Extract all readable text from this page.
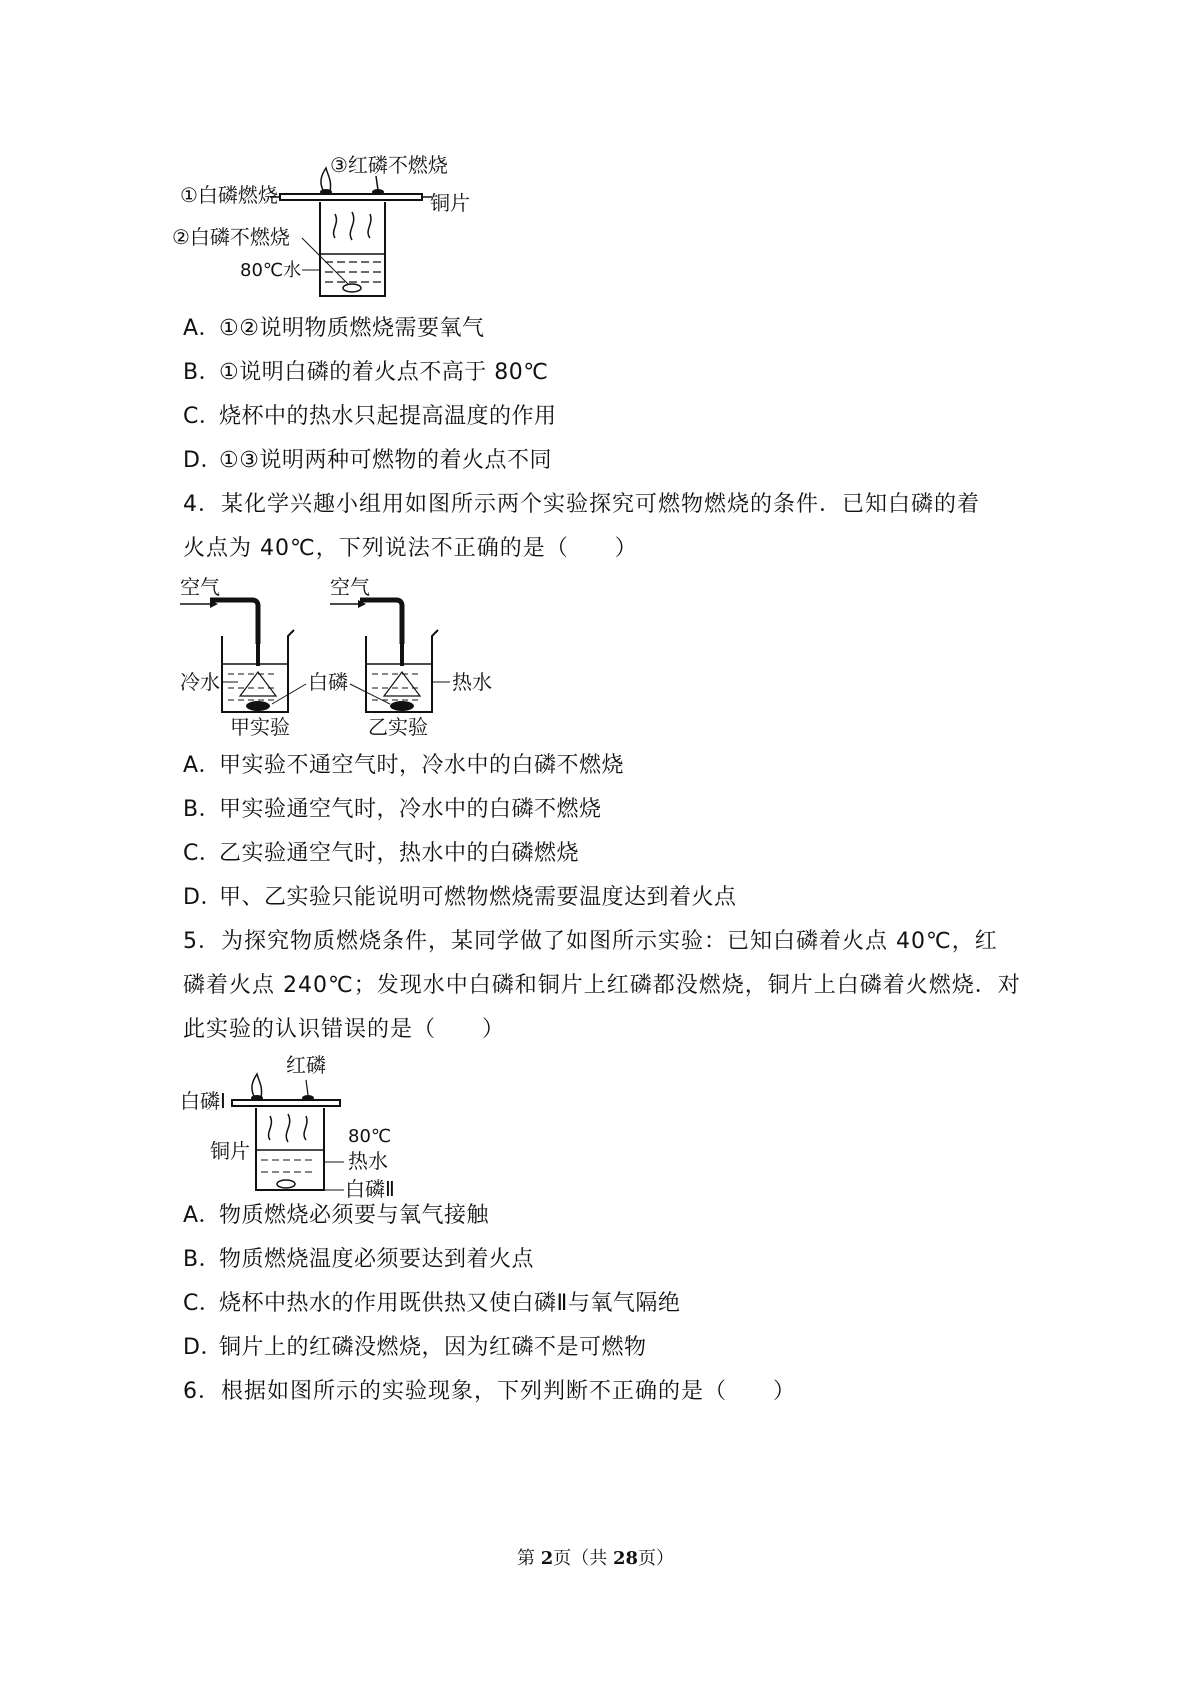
③红磷不燃烧
①白磷燃烧	铜片
②白磷不燃烧
80℃水
A．①②说明物质燃烧需要氧气
B．①说明白磷的着火点不高于 80℃
C．烧杯中的热水只起提高温度的作用
D．①③说明两种可燃物的着火点不同
4．某化学兴趣小组用如图所示两个实验探究可燃物燃烧的条件．已知白磷的着
火点为 40℃，下列说法不正确的是（　　）
空气	空气
冷水	白磷	热水
甲实验	乙实验
A．甲实验不通空气时，冷水中的白磷不燃烧
B．甲实验通空气时，冷水中的白磷不燃烧
C．乙实验通空气时，热水中的白磷燃烧
D．甲、乙实验只能说明可燃物燃烧需要温度达到着火点
5．为探究物质燃烧条件，某同学做了如图所示实验：已知白磷着火点 40℃，红
磷着火点 240℃；发现水中白磷和铜片上红磷都没燃烧，铜片上白磷着火燃烧．对
此实验的认识错误的是（　　）
红磷
白磷Ⅰ
铜片
80℃
热水
白磷Ⅱ
A．物质燃烧必须要与氧气接触
B．物质燃烧温度必须要达到着火点
C．烧杯中热水的作用既供热又使白磷Ⅱ与氧气隔绝
D．铜片上的红磷没燃烧，因为红磷不是可燃物
6．根据如图所示的实验现象，下列判断不正确的是（　　）
第 2页（共 28页）
